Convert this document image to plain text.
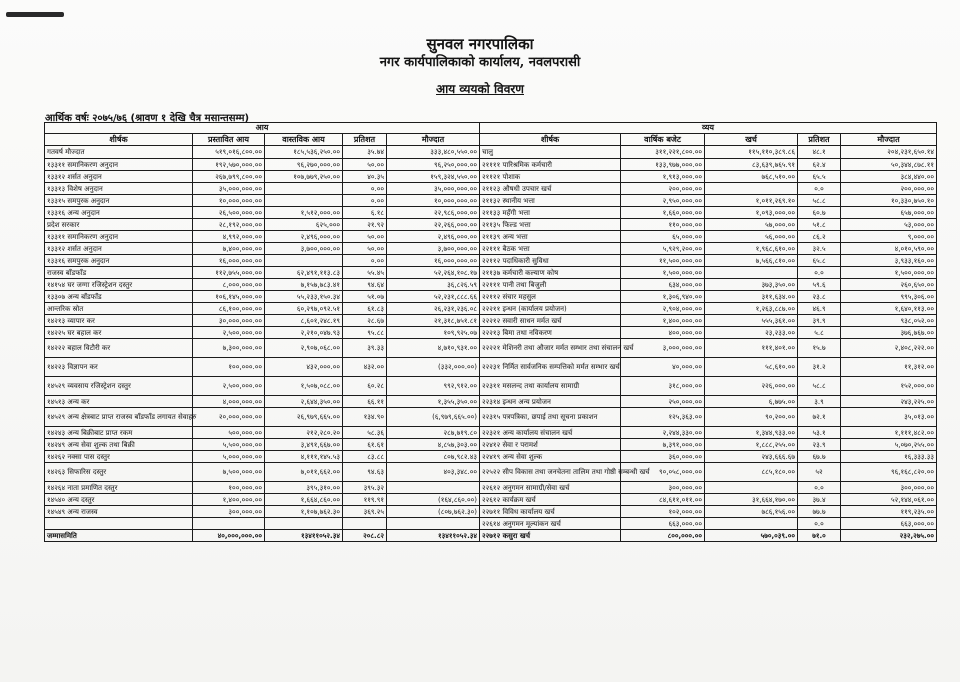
सुनवल नगरपालिका
नगर कार्यपालिकाको कार्यालय, नवलपरासी
आय व्ययको विवरण
आर्थिक वर्षः २०७५/७६ (श्रावण १ देखि चैत्र मसान्तसम्म)
आय					व्यय				
शीर्षक	प्रस्तावित आय	वास्तविक आय	प्रतिशत	मौज्दात	शीर्षक	वार्षिक बजेट	खर्च	प्रतिशत	मौज्दात
गतवर्ष मौज्दात	५१९,०१६,८००.००	१८५,५३६,२५०.००	३५.७४	३३३,४८०,५५०.००	चालु	३११,२२१,८००.००	११५,११०,३८९.८६	४८.१	२०४,२३१,६५०.१४
१३३११ समानिकरण अनुदान	१९२,५७०,०००.००	९६,२७०,०००.००	५०.००	९६,२५०,०००.००	२११११ पारिश्रमिक कर्मचारी	१३३,९७७,०००.००	८३,६३९,७६५.९१	६२.४	५०,३४४,८७८.११
१३३१२ शर्सत अनुदान	२६७,७९९,८००.००	१०७,७७९,२५०.००	४०.३५	१५९,३२४,५५०.००	२११२१ पोशाक	१,९१३,०००.००	७६८,५१०.००	६५.५	३८४,४४०.००
१३३१३ विशेष अनुदान	३५,०००,०००.००		०.००	३५,०००,०००.००	२११२३ औषधी उपचार खर्च	२००,०००.००		०.०	२००,०००.००
१३३१५ समपुरक अनुदान	१०,०००,०००.००		०.००	१०,०००,०००.००	२११३२ स्थानीय भत्ता	२,९५०,०००.००	१,०११,२६९.१०	५८.८	१०,३३०,७५०.१०
१३३१६ अन्य अनुदान	२६,५००,०००.००	१,५१२,०००.००	६.१८	२२,९८६,०००.००	२११३३ महँगी भत्ता	१,६६०,०००.००	१,०९३,०००.००	६०.७	६५७,०००.००
प्रदेश सरकार	२८,१९२,०००.००	६२५,०००	२१.९२	२२,२६६,०००.००	२११३५ फिल्ड भत्ता	११०,०००.००	५७,०००.००	५१.८	५३,०००.००
१३३११ समानिकरण अनुदान	४,९९२,०००.००	२,४९६,०००.००	५०.००	२,४९६,०००.००	२११३९ अन्य भत्ता	६५,०००.००	५६,०००.००	८६.२	९,०००.००
१३३१२ शर्सत अनुदान	७,४००,०००.००	३,७००,०००.००	५०.००	३,७००,०००.००	२२१११ बैठक भत्ता	५,९२९,२००.००	१,९६८,६१०.००	३२.५	४,०१०,५९०.००
१३३१६ समपुरक अनुदान	१६,०००,०००.००		०.००	१६,०००,०००.००	२२११२ पदाधिकारी सुविधा	११,५००,०००.००	७,५६६,८१०.००	६५.८	३,९३३,१६०.००
राजस्व बाँडफाँड	११२,७५५,०००.००	६२,४९१,११३.८३	५५.४५	५२,२६४,१०८.१७	२११३७ कर्मचारी कल्याण कोष	१,५००,०००.००		०.०	१,५००,०००.००
१४१५४ घर जग्गा रजिस्ट्रेशन दस्तुर	८,०००,०००.००	७,१५७,७८३.४१	९४.६४	३६,८२६.५९	२२१११ पानी तथा बिजुली	६३४,०००.००	३७३,३५०.००	५९.६	२६०,६५०.००
१३३०७ अन्य बाँडफाँड	१०६,१४५,०००.००	५५,२३३,१५०.३४	५१.०७	५२,२३१,८८८.६६	२२११२ संचार महसुल	१,३०६,९४०.००	३११,६३४.००	२३.८	९९५,३०६.००
आन्तरिक स्रोत	८६,१००,०००.००	६०,२९७,०९२.५१	६१.८३	२६,२३१,२३६.०८	२२२११ इन्धन (कार्यालय प्रयोजन)	२,९०४,०००.००	१,२६३,८८७.००	४६.९	१,६४०,११३.००
१४२१३ व्यापार कर	३०,०००,०००.००	८,६०१,२४८.१९	२८.६७	२१,३१८,७५१.८१	२२२१२ सवारी साधन मर्मत खर्च	१,४००,०००.००	५५५,३६१.००	३९.९	९३८,०५२.००
१४२२५ घर बहाल कर	२,५००,०००.००	२,२१०,०४७.९३	९५.८८	१०९,९२५.०७	२२२१३ बिमा तथा नविकरण	४००,०००.००	२३,२३३.००	५.८	३७६,७६७.००
१४२२२ बहाल विटौरी कर	७,३००,०००.००	२,९०७,०६८.००	३९.३३	४,७१०,९३१.००	२२२२१ मेशिनरी तथा औजार मर्मत सम्भार तथा संचालन खर्च	३,०००,०००.००	१११,४०१.००	१५.७	२,४०८,२२२.००
१४२२३ विज्ञापन कर	१००,०००.००	४३२,०००.००	४३२.००	(३३२,०००.००)	२२२३१ निर्मित सार्वजनिक सम्पत्तिको मर्मत सम्भार खर्च	४०,०००.००	५८,६१०.००	३१.२	११,३१२.००
१४५२९ व्यवसाय रजिस्ट्रेशन दस्तुर	२,५००,०००.००	१,५०७,०८८.००	६०.२८	९९२,९१२.००	२२३११ मसलन्द तथा कार्यालय सामाग्री	३१८,०००.००	२२६,०००.००	५८.८	१५२,०००.००
१४५१३ अन्य कर	४,०००,०००.००	२,६४४,३५०.००	६६.११	१,३५५,३५०.००	२२३१४ इन्धन अन्य प्रयोजन	२५०,०००.००	६,७७५.००	३.९	२४३,२२५.००
१४५२९ अन्य क्षेत्रबाट प्राप्त राजस्व बाँडफाँड लगायत सेवाहरु	२०,०००,०००.००	२६,९७९,६६५.००	१३४.९०	(६,९७९,६६५.००)	२२३१५ पत्रपत्रिका, छपाई तथा सूचना प्रकाशन	१२५,३६३.००	९०,२००.००	७२.१	३५,०१३.००
१४२४३ अन्य बिक्रीबाट प्राप्त रकम	५००,०००.००	२१२,२८०.२०	५८.३६	२८७,७१९.८०	२२३२१ अन्य कार्यालय संचालन खर्च	२,२४४,३३०.००	१,३४४,९३३.००	५३.१	१,१११,४८२.००
१४२४९ अन्य सेवा शुल्क तथा बिक्री	५,५००,०००.००	३,४९१,६६७.००	६१.६१	४,८५७,३०३.००	२२४१२ सेवा र परामर्श	७,३९१,०००.००	१,८८८,२५५.००	२३.९	५,०७०,२५५.००
१४२६२ नक्सा पास दस्तुर	५,०००,०००.००	४,१११,१४५.५३	८३.८८	८०७,९८२.४३	२२४१९ अन्य सेवा शुल्क	३६०,०००.००	२४३,६६६.६७	६७.७	१६,३३३.३३
१४२६३ सिफारिस दस्तुर	७,५००,०००.००	७,०११,६६२.००	९४.६३	४०३,३४८.००	२२५२२ सीप विकास तथा जनचेतना तालिम तथा गोष्ठी सम्बन्धी खर्च	९०,०५८,०००.००	८८५,१८०.००	५२	९६,१६८,८२०.००
१४२६४ नाता प्रमाणित दस्तुर	१००,०००.००	३९५,३१०.००	३९५.३२		२२६१२ अनुगमन सामाग्री/सेवा खर्च	३००,०००.००		०.०	३००,०००.००
१४५४० अन्य दस्तुर	१,४००,०००.००	१,६६४,८६०.००	११९.९१	(१६४,८६०.००)	२२६१२ कार्यक्रम खर्च	८४,६११,०११.००	३१,६६४,१७०.००	३७.४	५२,१४४,०६१.००
१४५४९ अन्य राजस्व	३००,०००.००	१,१०७,७६२.३०	३६९.२५	(८०७,७६२.३०)	२२७११ विविध कार्यालय खर्च	१०२,०००.००	७८६,१५६.००	७७.७	११९,२३५.००
					२२६१४ अनुगमन मूल्यांकन खर्च	६६३,०००.००		०.०	६६३,०००.००
जम्मासमिति	४०,०००,०००.००	१३४११०५२.३४	२०८.८२	१३४११०५२.३४	२२७१२ कसुरा खर्च	८००,०००.००	५७०,०३९.००	७१.०	२३२,२७५.००
